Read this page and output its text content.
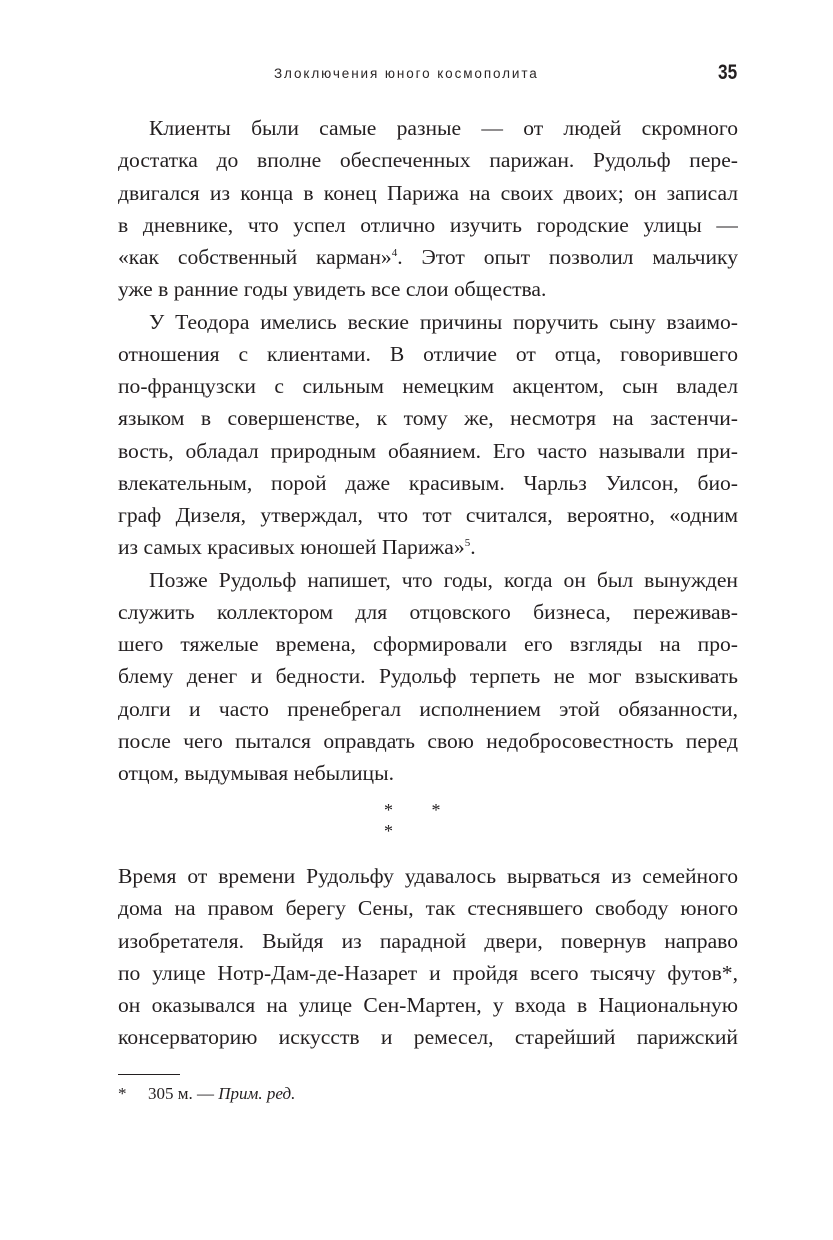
Злоключения юного космополита	35
Клиенты были самые разные — от людей скромного
достатка до вполне обеспеченных парижан. Рудольф пере-
двигался из конца в конец Парижа на своих двоих; он записал
в дневнике, что успел отлично изучить городские улицы —
«как собственный карман»$^4$. Этот опыт позволил мальчику
уже в ранние годы увидеть все слои общества.
У Теодора имелись веские причины поручить сыну взаимо-
отношения с клиентами. В отличие от отца, говорившего
по-французски с сильным немецким акцентом, сын владел
языком в совершенстве, к тому же, несмотря на застенчи-
вость, обладал природным обаянием. Его часто называли при-
влекательным, порой даже красивым. Чарльз Уилсон, био-
граф Дизеля, утверждал, что тот считался, вероятно, «одним
из самых красивых юношей Парижа»$^5$.
Позже Рудольф напишет, что годы, когда он был вынужден
служить коллектором для отцовского бизнеса, переживав-
шего тяжелые времена, сформировали его взгляды на про-
блему денег и бедности. Рудольф терпеть не мог взыскивать
долги и часто пренебрегал исполнением этой обязанности,
после чего пытался оправдать свою недобросовестность перед
отцом, выдумывая небылицы.
* * *
Время от времени Рудольфу удавалось вырваться из семейного
дома на правом берегу Сены, так стеснявшего свободу юного
изобретателя. Выйдя из парадной двери, повернув направо
по улице Нотр-Дам-де-Назарет и пройдя всего тысячу футов*,
он оказывался на улице Сен-Мартен, у входа в Национальную
консерваторию искусств и ремесел, старейший парижский
* 305 м. — Прим. ред.
